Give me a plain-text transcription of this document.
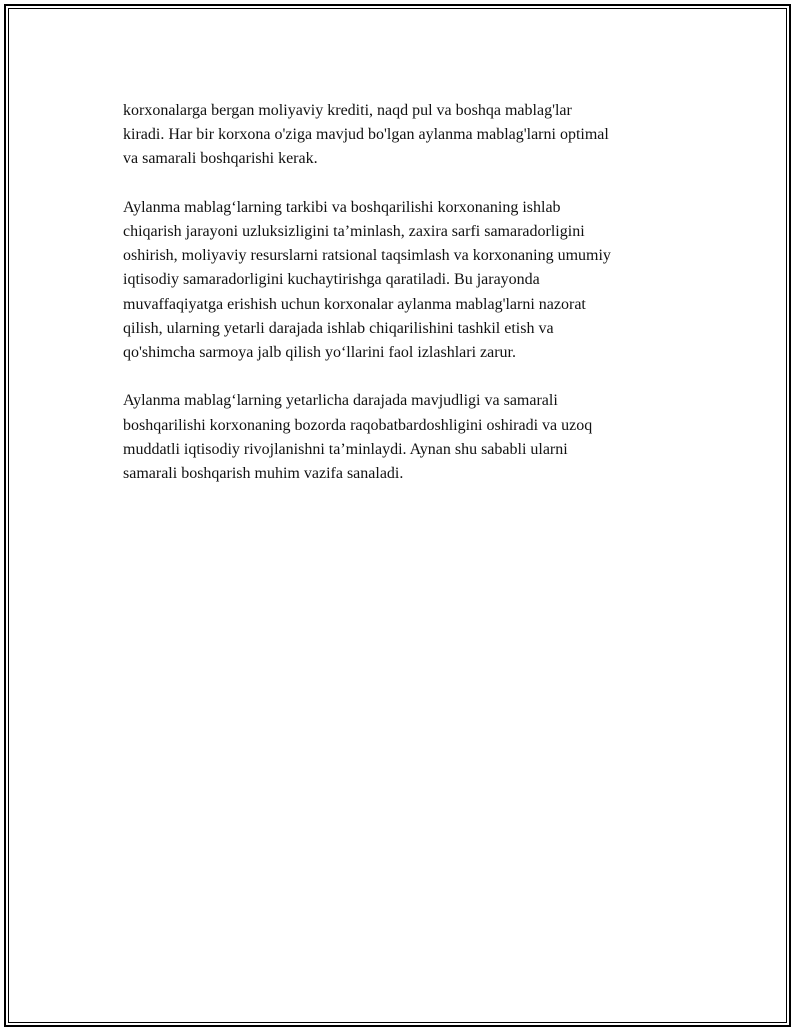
korxonalarga bergan moliyaviy krediti, naqd pul va boshqa mablag'lar
kiradi. Har bir korxona o'ziga mavjud bo'lgan aylanma mablag'larni optimal
va samarali boshqarishi kerak.

Aylanma mablag‘larning tarkibi va boshqarilishi korxonaning ishlab
chiqarish jarayoni uzluksizligini ta’minlash, zaxira sarfi samaradorligini
oshirish, moliyaviy resurslarni ratsional taqsimlash va korxonaning umumiy
iqtisodiy samaradorligini kuchaytirishga qaratiladi. Bu jarayonda
muvaffaqiyatga erishish uchun korxonalar aylanma mablag'larni nazorat
qilish, ularning yetarli darajada ishlab chiqarilishini tashkil etish va
qo'shimcha sarmoya jalb qilish yo‘llarini faol izlashlari zarur.

Aylanma mablag‘larning yetarlicha darajada mavjudligi va samarali
boshqarilishi korxonaning bozorda raqobatbardoshligini oshiradi va uzoq
muddatli iqtisodiy rivojlanishni ta’minlaydi. Aynan shu sababli ularni
samarali boshqarish muhim vazifa sanaladi.
